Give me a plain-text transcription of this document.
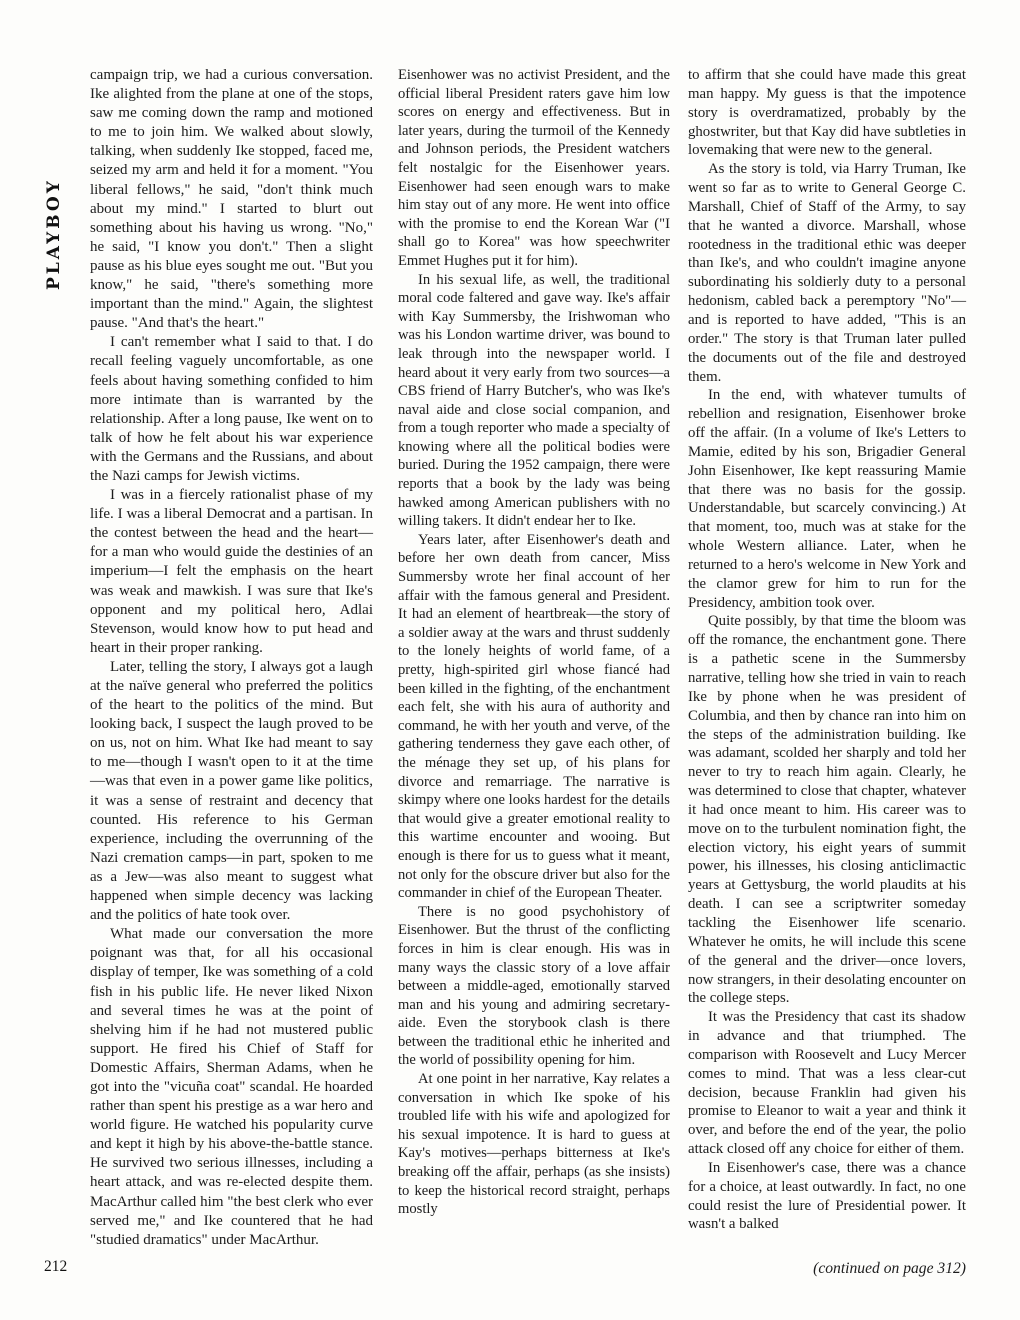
PLAYBOY

campaign trip, we had a curious conversation. Ike alighted from the plane at one of the stops, saw me coming down the ramp and motioned to me to join him. We walked about slowly, talking, when suddenly Ike stopped, faced me, seized my arm and held it for a moment. "You liberal fellows," he said, "don't think much about my mind." I started to blurt out something about his having us wrong. "No," he said, "I know you don't." Then a slight pause as his blue eyes sought me out. "But you know," he said, "there's something more important than the mind." Again, the slightest pause. "And that's the heart."

I can't remember what I said to that. I do recall feeling vaguely uncomfortable, as one feels about having something confided to him more intimate than is warranted by the relationship. After a long pause, Ike went on to talk of how he felt about his war experience with the Germans and the Russians, and about the Nazi camps for Jewish victims.

I was in a fiercely rationalist phase of my life. I was a liberal Democrat and a partisan. In the contest between the head and the heart—for a man who would guide the destinies of an imperium—I felt the emphasis on the heart was weak and mawkish. I was sure that Ike's opponent and my political hero, Adlai Stevenson, would know how to put head and heart in their proper ranking.

Later, telling the story, I always got a laugh at the naïve general who preferred the politics of the heart to the politics of the mind. But looking back, I suspect the laugh proved to be on us, not on him. What Ike had meant to say to me—though I wasn't open to it at the time—was that even in a power game like politics, it was a sense of restraint and decency that counted. His reference to his German experience, including the overrunning of the Nazi cremation camps—in part, spoken to me as a Jew—was also meant to suggest what happened when simple decency was lacking and the politics of hate took over.

What made our conversation the more poignant was that, for all his occasional display of temper, Ike was something of a cold fish in his public life. He never liked Nixon and several times he was at the point of shelving him if he had not mustered public support. He fired his Chief of Staff for Domestic Affairs, Sherman Adams, when he got into the "vicuña coat" scandal. He hoarded rather than spent his prestige as a war hero and world figure. He watched his popularity curve and kept it high by his above-the-battle stance. He survived two serious illnesses, including a heart attack, and was re-elected despite them. MacArthur called him "the best clerk who ever served me," and Ike countered that he had "studied dramatics" under MacArthur.

Eisenhower was no activist President, and the official liberal President raters gave him low scores on energy and effectiveness. But in later years, during the turmoil of the Kennedy and Johnson periods, the President watchers felt nostalgic for the Eisenhower years. Eisenhower had seen enough wars to make him stay out of any more. He went into office with the promise to end the Korean War ("I shall go to Korea" was how speechwriter Emmet Hughes put it for him).

In his sexual life, as well, the traditional moral code faltered and gave way. Ike's affair with Kay Summersby, the Irishwoman who was his London wartime driver, was bound to leak through into the newspaper world. I heard about it very early from two sources—a CBS friend of Harry Butcher's, who was Ike's naval aide and close social companion, and from a tough reporter who made a specialty of knowing where all the political bodies were buried. During the 1952 campaign, there were reports that a book by the lady was being hawked among American publishers with no willing takers. It didn't endear her to Ike.

Years later, after Eisenhower's death and before her own death from cancer, Miss Summersby wrote her final account of her affair with the famous general and President. It had an element of heartbreak—the story of a soldier away at the wars and thrust suddenly to the lonely heights of world fame, of a pretty, high-spirited girl whose fiancé had been killed in the fighting, of the enchantment each felt, she with his aura of authority and command, he with her youth and verve, of the gathering tenderness they gave each other, of the ménage they set up, of his plans for divorce and remarriage. The narrative is skimpy where one looks hardest for the details that would give a greater emotional reality to this wartime encounter and wooing. But enough is there for us to guess what it meant, not only for the obscure driver but also for the commander in chief of the European Theater.

There is no good psychohistory of Eisenhower. But the thrust of the conflicting forces in him is clear enough. His was in many ways the classic story of a love affair between a middle-aged, emotionally starved man and his young and admiring secretary-aide. Even the storybook clash is there between the traditional ethic he inherited and the world of possibility opening for him.

At one point in her narrative, Kay relates a conversation in which Ike spoke of his troubled life with his wife and apologized for his sexual impotence. It is hard to guess at Kay's motives—perhaps bitterness at Ike's breaking off the affair, perhaps (as she insists) to keep the historical record straight, perhaps mostly

to affirm that she could have made this great man happy. My guess is that the impotence story is overdramatized, probably by the ghostwriter, but that Kay did have subtleties in lovemaking that were new to the general.

As the story is told, via Harry Truman, Ike went so far as to write to General George C. Marshall, Chief of Staff of the Army, to say that he wanted a divorce. Marshall, whose rootedness in the traditional ethic was deeper than Ike's, and who couldn't imagine anyone subordinating his soldierly duty to a personal hedonism, cabled back a peremptory "No"—and is reported to have added, "This is an order." The story is that Truman later pulled the documents out of the file and destroyed them.

In the end, with whatever tumults of rebellion and resignation, Eisenhower broke off the affair. (In a volume of Ike's Letters to Mamie, edited by his son, Brigadier General John Eisenhower, Ike kept reassuring Mamie that there was no basis for the gossip. Understandable, but scarcely convincing.) At that moment, too, much was at stake for the whole Western alliance. Later, when he returned to a hero's welcome in New York and the clamor grew for him to run for the Presidency, ambition took over.

Quite possibly, by that time the bloom was off the romance, the enchantment gone. There is a pathetic scene in the Summersby narrative, telling how she tried in vain to reach Ike by phone when he was president of Columbia, and then by chance ran into him on the steps of the administration building. Ike was adamant, scolded her sharply and told her never to try to reach him again. Clearly, he was determined to close that chapter, whatever it had once meant to him. His career was to move on to the turbulent nomination fight, the election victory, his eight years of summit power, his illnesses, his closing anticlimactic years at Gettysburg, the world plaudits at his death. I can see a scriptwriter someday tackling the Eisenhower life scenario. Whatever he omits, he will include this scene of the general and the driver—once lovers, now strangers, in their desolating encounter on the college steps.

It was the Presidency that cast its shadow in advance and that triumphed. The comparison with Roosevelt and Lucy Mercer comes to mind. That was a less clear-cut decision, because Franklin had given his promise to Eleanor to wait a year and think it over, and before the end of the year, the polio attack closed off any choice for either of them.

In Eisenhower's case, there was a chance for a choice, at least outwardly. In fact, no one could resist the lure of Presidential power. It wasn't a balked

212	(continued on page 312)
